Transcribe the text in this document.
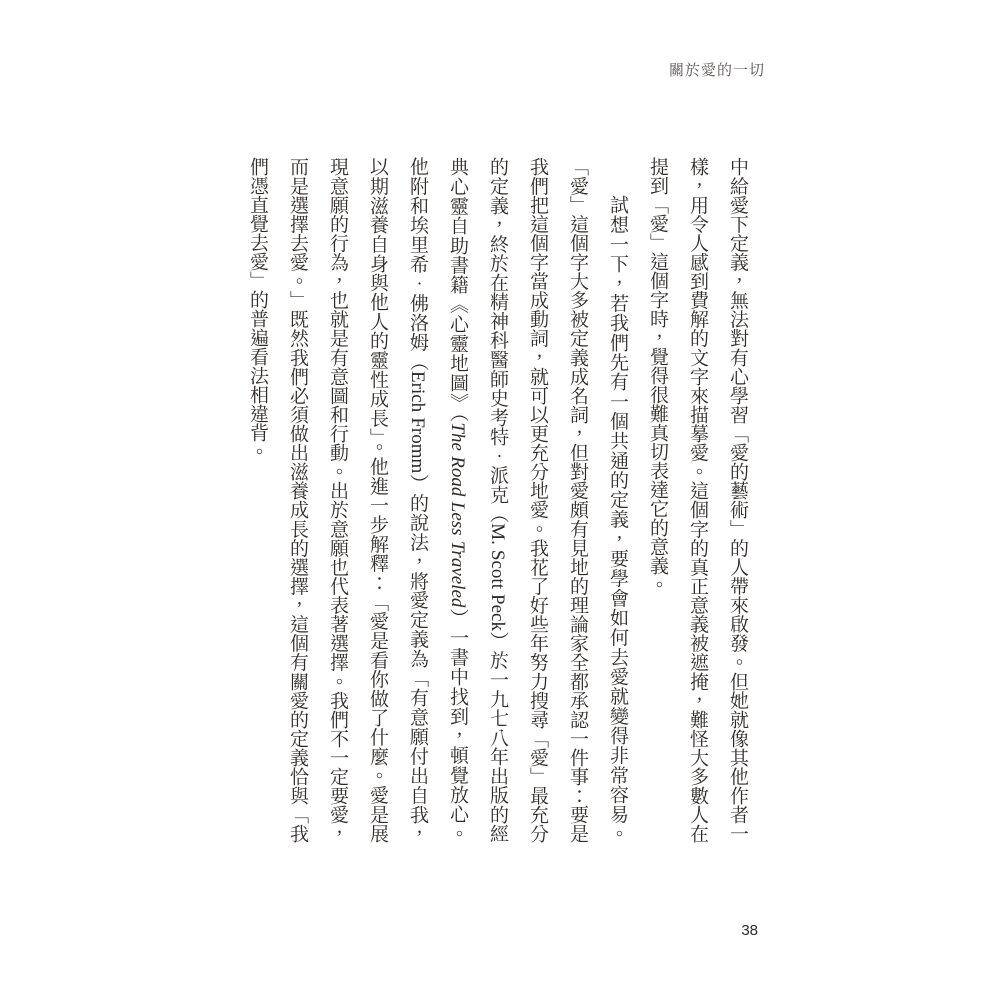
關於愛的一切

中給愛下定義，無法對有心學習「愛的藝術」的人帶來啟發。但她就像其他作者一樣，用令人感到費解的文字來描摹愛。這個字的真正意義被遮掩，難怪大多數人在提到「愛」這個字時，覺得很難真切表達它的意義。

試想一下，若我們先有一個共通的定義，要學會如何去愛就變得非常容易。「愛」這個字大多被定義成名詞，但對愛頗有見地的理論家全都承認一件事：要是我們把這個字當成動詞，就可以更充分地愛。我花了好些年努力搜尋「愛」最充分的定義，終於在精神科醫師史考特．派克（M. Scott Peck）於一九七八年出版的經典心靈自助書籍《心靈地圖》（The Road Less Traveled）一書中找到，頓覺放心。他附和埃里希．佛洛姆（Erich Fromm）的說法，將愛定義為「有意願付出自我，以期滋養自身與他人的靈性成長」。他進一步解釋：「愛是看你做了什麼。愛是展現意願的行為，也就是有意圖和行動。出於意願也代表著選擇。我們不一定要愛，而是選擇去愛。」既然我們必須做出滋養成長的選擇，這個有關愛的定義恰與「我們憑直覺去愛」的普遍看法相違背。

38
